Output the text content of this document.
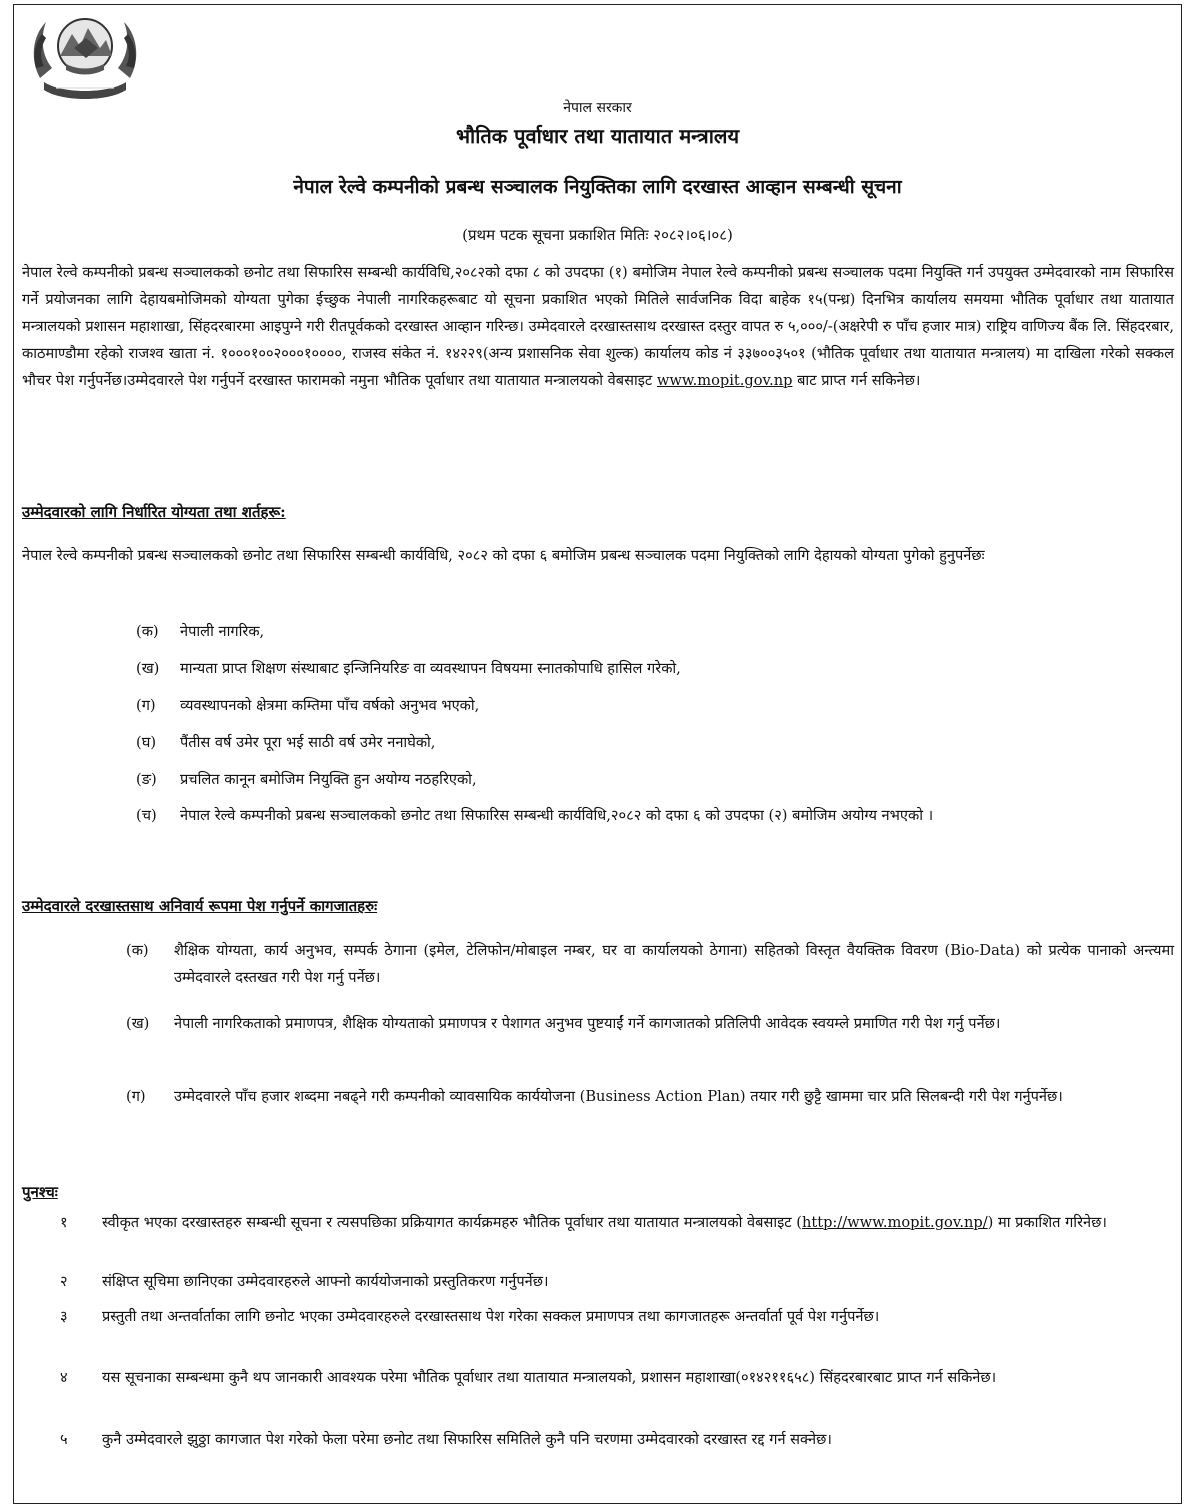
नेपाल सरकार

भौतिक पूर्वाधार तथा यातायात मन्त्रालय

नेपाल रेल्वे कम्पनीको प्रबन्ध सञ्चालक नियुक्तिका लागि दरखास्त आव्हान सम्बन्धी सूचना

(प्रथम पटक सूचना प्रकाशित मितिः २०८२।०६।०८)

नेपाल रेल्वे कम्पनीको प्रबन्ध सञ्चालकको छनोट तथा सिफारिस सम्बन्धी कार्यविधि,२०८२को दफा ८ को उपदफा (१) बमोजिम नेपाल रेल्वे कम्पनीको प्रबन्ध सञ्चालक पदमा नियुक्ति गर्न उपयुक्त उम्मेदवारको नाम सिफारिस गर्ने प्रयोजनका लागि देहायबमोजिमको योग्यता पुगेका ईच्छुक नेपाली नागरिकहरूबाट यो सूचना प्रकाशित भएको मितिले सार्वजनिक विदा बाहेक १५(पन्ध्र) दिनभित्र कार्यालय समयमा भौतिक पूर्वाधार तथा यातायात मन्त्रालयको प्रशासन महाशाखा, सिंहदरबारमा आइपुग्ने गरी रीतपूर्वकको दरखास्त आव्हान गरिन्छ। उम्मेदवारले दरखास्तसाथ दरखास्त दस्तुर वापत रु ५,०००/-(अक्षरेपी रु पाँच हजार मात्र) राष्ट्रिय वाणिज्य बैंक लि. सिंहदरबार, काठमाण्डौमा रहेको राजश्व खाता नं. १०००१००२०००१००००, राजस्व संकेत नं. १४२२९(अन्य प्रशासनिक सेवा शुल्क) कार्यालय कोड नं ३३७००३५०१ (भौतिक पूर्वाधार तथा यातायात मन्त्रालय) मा दाखिला गरेको सक्कल भौचर पेश गर्नुपर्नेछ।उम्मेदवारले पेश गर्नुपर्ने दरखास्त फारामको नमुना भौतिक पूर्वाधार तथा यातायात मन्त्रालयको वेबसाइट www.mopit.gov.np बाट प्राप्त गर्न सकिनेछ।

उम्मेदवारको लागि निर्धारित योग्यता तथा शर्तहरू:

नेपाल रेल्वे कम्पनीको प्रबन्ध सञ्चालकको छनोट तथा सिफारिस सम्बन्धी कार्यविधि, २०८२ को दफा ६ बमोजिम प्रबन्ध सञ्चालक पदमा नियुक्तिको लागि देहायको योग्यता पुगेको हुनुपर्नेछः

(क) नेपाली नागरिक,
(ख) मान्यता प्राप्त शिक्षण संस्थाबाट इन्जिनियरिङ वा व्यवस्थापन विषयमा स्नातकोपाधि हासिल गरेको,
(ग) व्यवस्थापनको क्षेत्रमा कम्तिमा पाँच वर्षको अनुभव भएको,
(घ) पैंतीस वर्ष उमेर पूरा भई साठी वर्ष उमेर ननाघेको,
(ङ) प्रचलित कानून बमोजिम नियुक्ति हुन अयोग्य नठहरिएको,
(च) नेपाल रेल्वे कम्पनीको प्रबन्ध सञ्चालकको छनोट तथा सिफारिस सम्बन्धी कार्यविधि,२०८२ को दफा ६ को उपदफा (२) बमोजिम अयोग्य नभएको ।

उम्मेदवारले दरखास्तसाथ अनिवार्य रूपमा पेश गर्नुपर्ने कागजातहरुः

(क) शैक्षिक योग्यता, कार्य अनुभव, सम्पर्क ठेगाना (इमेल, टेलिफोन/मोबाइल नम्बर, घर वा कार्यालयको ठेगाना) सहितको विस्तृत वैयक्तिक विवरण (Bio-Data) को प्रत्येक पानाको अन्त्यमा उम्मेदवारले दस्तखत गरी पेश गर्नु पर्नेछ।
(ख) नेपाली नागरिकताको प्रमाणपत्र, शैक्षिक योग्यताको प्रमाणपत्र र पेशागत अनुभव पुष्टयाईं गर्ने कागजातको प्रतिलिपी आवेदक स्वयम्ले प्रमाणित गरी पेश गर्नु पर्नेछ।
(ग) उम्मेदवारले पाँच हजार शब्दमा नबढ्ने गरी कम्पनीको व्यावसायिक कार्ययोजना (Business Action Plan) तयार गरी छुट्टै खाममा चार प्रति सिलबन्दी गरी पेश गर्नुपर्नेछ।

पुनश्चः

१ स्वीकृत भएका दरखास्तहरु सम्बन्धी सूचना र त्यसपछिका प्रक्रियागत कार्यक्रमहरु भौतिक पूर्वाधार तथा यातायात मन्त्रालयको वेबसाइट (http://www.mopit.gov.np/) मा प्रकाशित गरिनेछ।
२ संक्षिप्त सूचिमा छानिएका उम्मेदवारहरुले आफ्नो कार्ययोजनाको प्रस्तुतिकरण गर्नुपर्नेछ।
३ प्रस्तुती तथा अन्तर्वार्ताका लागि छनोट भएका उम्मेदवारहरुले दरखास्तसाथ पेश गरेका सक्कल प्रमाणपत्र तथा कागजातहरू अन्तर्वार्ता पूर्व पेश गर्नुपर्नेछ।
४ यस सूचनाका सम्बन्धमा कुनै थप जानकारी आवश्यक परेमा भौतिक पूर्वाधार तथा यातायात मन्त्रालयको, प्रशासन महाशाखा(०१४२११६५८) सिंहदरबारबाट प्राप्त गर्न सकिनेछ।
५ कुनै उम्मेदवारले झुठ्ठा कागजात पेश गरेको फेला परेमा छनोट तथा सिफारिस समितिले कुनै पनि चरणमा उम्मेदवारको दरखास्त रद्द गर्न सक्नेछ।
